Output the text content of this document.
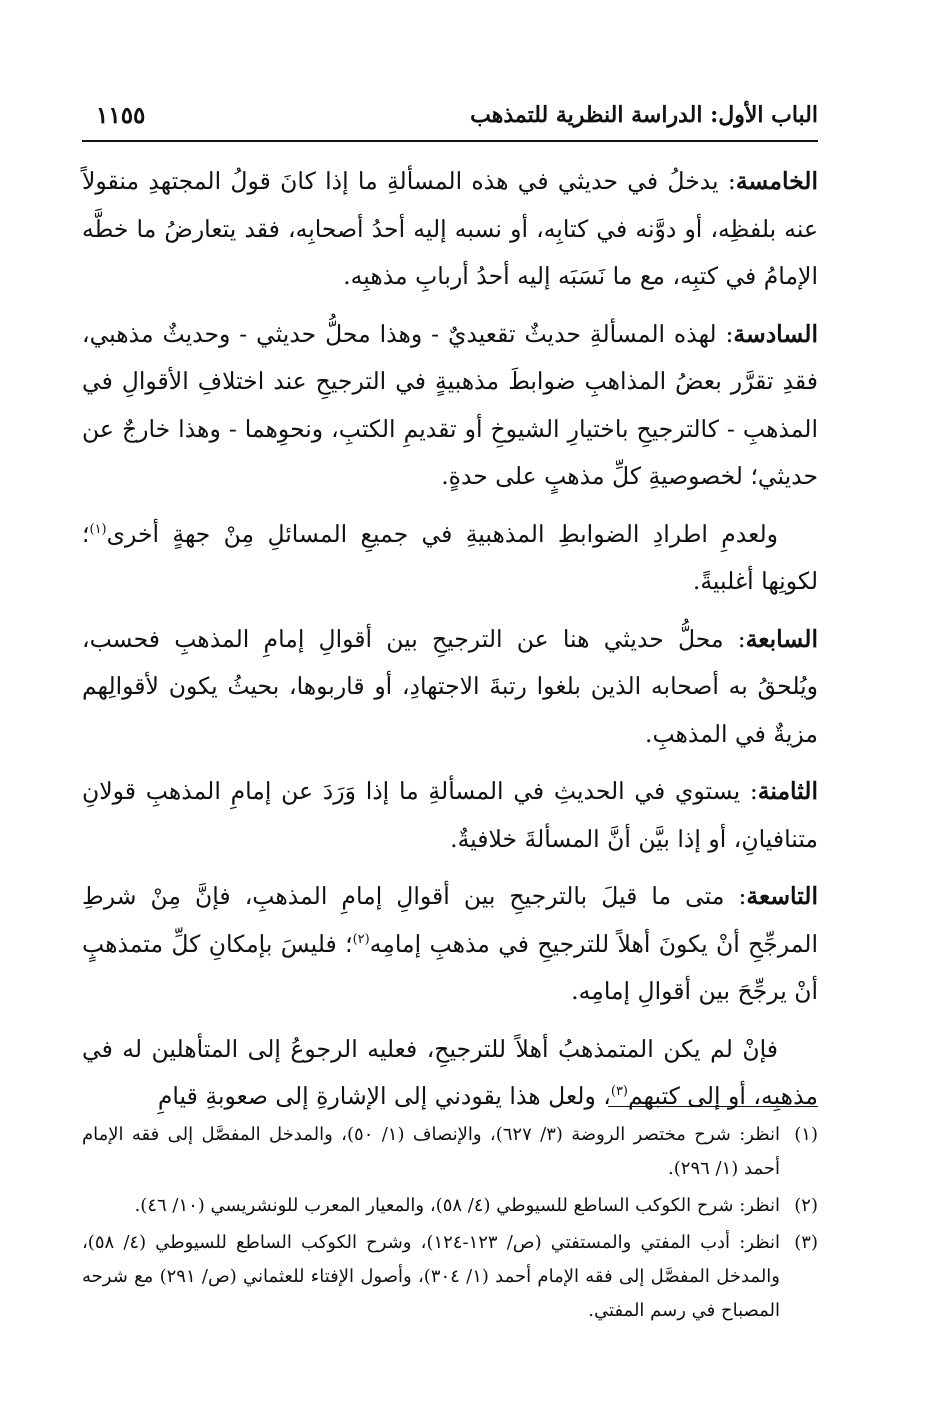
الباب الأول: الدراسة النظرية للتمذهب
١١٥٥

الخامسة: يدخلُ في حديثي في هذه المسألةِ ما إذا كانَ قولُ المجتهدِ منقولاً عنه بلفظِه، أو دوَّنه في كتابِه، أو نسبه إليه أحدُ أصحابِه، فقد يتعارضُ ما خطَّه الإمامُ في كتبِه، مع ما نَسَبَه إليه أحدُ أربابِ مذهبِه.

السادسة: لهذه المسألةِ حديثٌ تقعيديٌ - وهذا محلُّ حديثي - وحديثٌ مذهبي، فقدِ تقرَّر بعضُ المذاهبِ ضوابطَ مذهبيةٍ في الترجيحِ عند اختلافِ الأقوالِ في المذهبِ - كالترجيحِ باختيارِ الشيوخِ أو تقديمِ الكتبِ، ونحوِهما - وهذا خارجٌ عن حديثي؛ لخصوصيةِ كلِّ مذهبٍ على حدةٍ.

ولعدمِ اطرادِ الضوابطِ المذهبيةِ في جميعِ المسائلِ مِنْ جهةٍ أخرى$^{(١)}$؛ لكونِها أغلبيةً.

السابعة: محلُّ حديثي هنا عن الترجيحِ بين أقوالِ إمامِ المذهبِ فحسب، ويُلحقُ به أصحابه الذين بلغوا رتبةَ الاجتهادِ، أو قاربوها، بحيثُ يكون لأقوالِهم مزيةٌ في المذهبِ.

الثامنة: يستوي في الحديثِ في المسألةِ ما إذا وَرَدَ عن إمامِ المذهبِ قولانِ متنافيانِ، أو إذا بيَّن أنَّ المسألةَ خلافيةٌ.

التاسعة: متى ما قيلَ بالترجيحِ بين أقوالِ إمامِ المذهبِ، فإنَّ مِنْ شرطِ المرجِّحِ أنْ يكونَ أهلاً للترجيحِ في مذهبِ إمامِه$^{(٢)}$؛ فليسَ بإمكانِ كلِّ متمذهبٍ أنْ يرجِّحَ بين أقوالِ إمامِه.

فإنْ لم يكن المتمذهبُ أهلاً للترجيحِ، فعليه الرجوعُ إلى المتأهلين له في مذهبِه، أو إلى كتبهم$^{(٣)}$، ولعل هذا يقودني إلى الإشارةِ إلى صعوبةِ قيامِ

(١)
انظر: شرح مختصر الروضة (٣/ ٦٢٧)، والإنصاف (١/ ٥٠)، والمدخل المفصَّل إلى فقه الإمام أحمد (١/ ٢٩٦).

(٢)
انظر: شرح الكوكب الساطع للسيوطي (٤/ ٥٨)، والمعيار المعرب للونشريسي (١٠/ ٤٦).

(٣)
انظر: أدب المفتي والمستفتي (ص/ ١٢٣-١٢٤)، وشرح الكوكب الساطع للسيوطي (٤/ ٥٨)، والمدخل المفصَّل إلى فقه الإمام أحمد (١/ ٣٠٤)، وأصول الإفتاء للعثماني (ص/ ٢٩١) مع شرحه المصباح في رسم المفتي.
